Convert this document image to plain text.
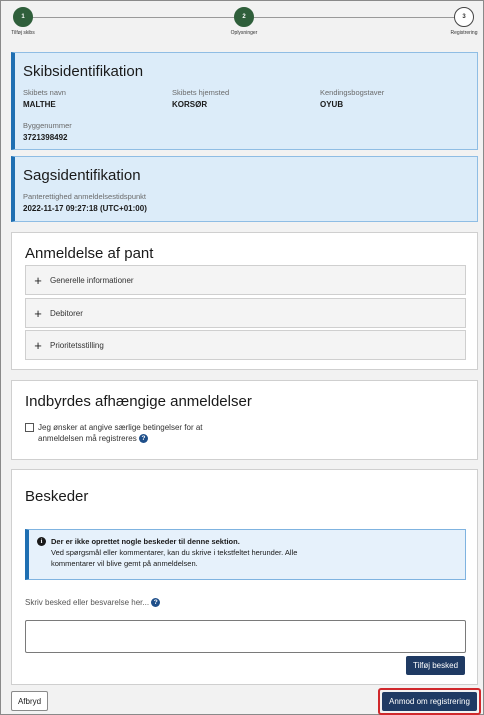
1
Tilføj skibs
2
Oplysninger
3
Registrering
Skibsidentifikation
Skibets navn
MALTHE
Skibets hjemsted
KORSØR
Kendingsbogstaver
OYUB
Byggenummer
3721398492
Sagsidentifikation
Panterettighed anmeldelsestidspunkt
2022-11-17 09:27:18 (UTC+01:00)
Anmeldelse af pant
+	Generelle informationer
+	Debitorer
+	Prioritetsstilling
Indbyrdes afhængige anmeldelser
Jeg ønsker at angive særlige betingelser for at
anmeldelsen må registreres ?
Beskeder
i	Der er ikke oprettet nogle beskeder til denne sektion.
Ved spørgsmål eller kommentarer, kan du skrive i tekstfeltet herunder. Alle
kommentarer vil blive gemt på anmeldelsen.
Skriv besked eller besvarelse her... ?
Tilføj besked
Afbryd	Anmod om registrering
